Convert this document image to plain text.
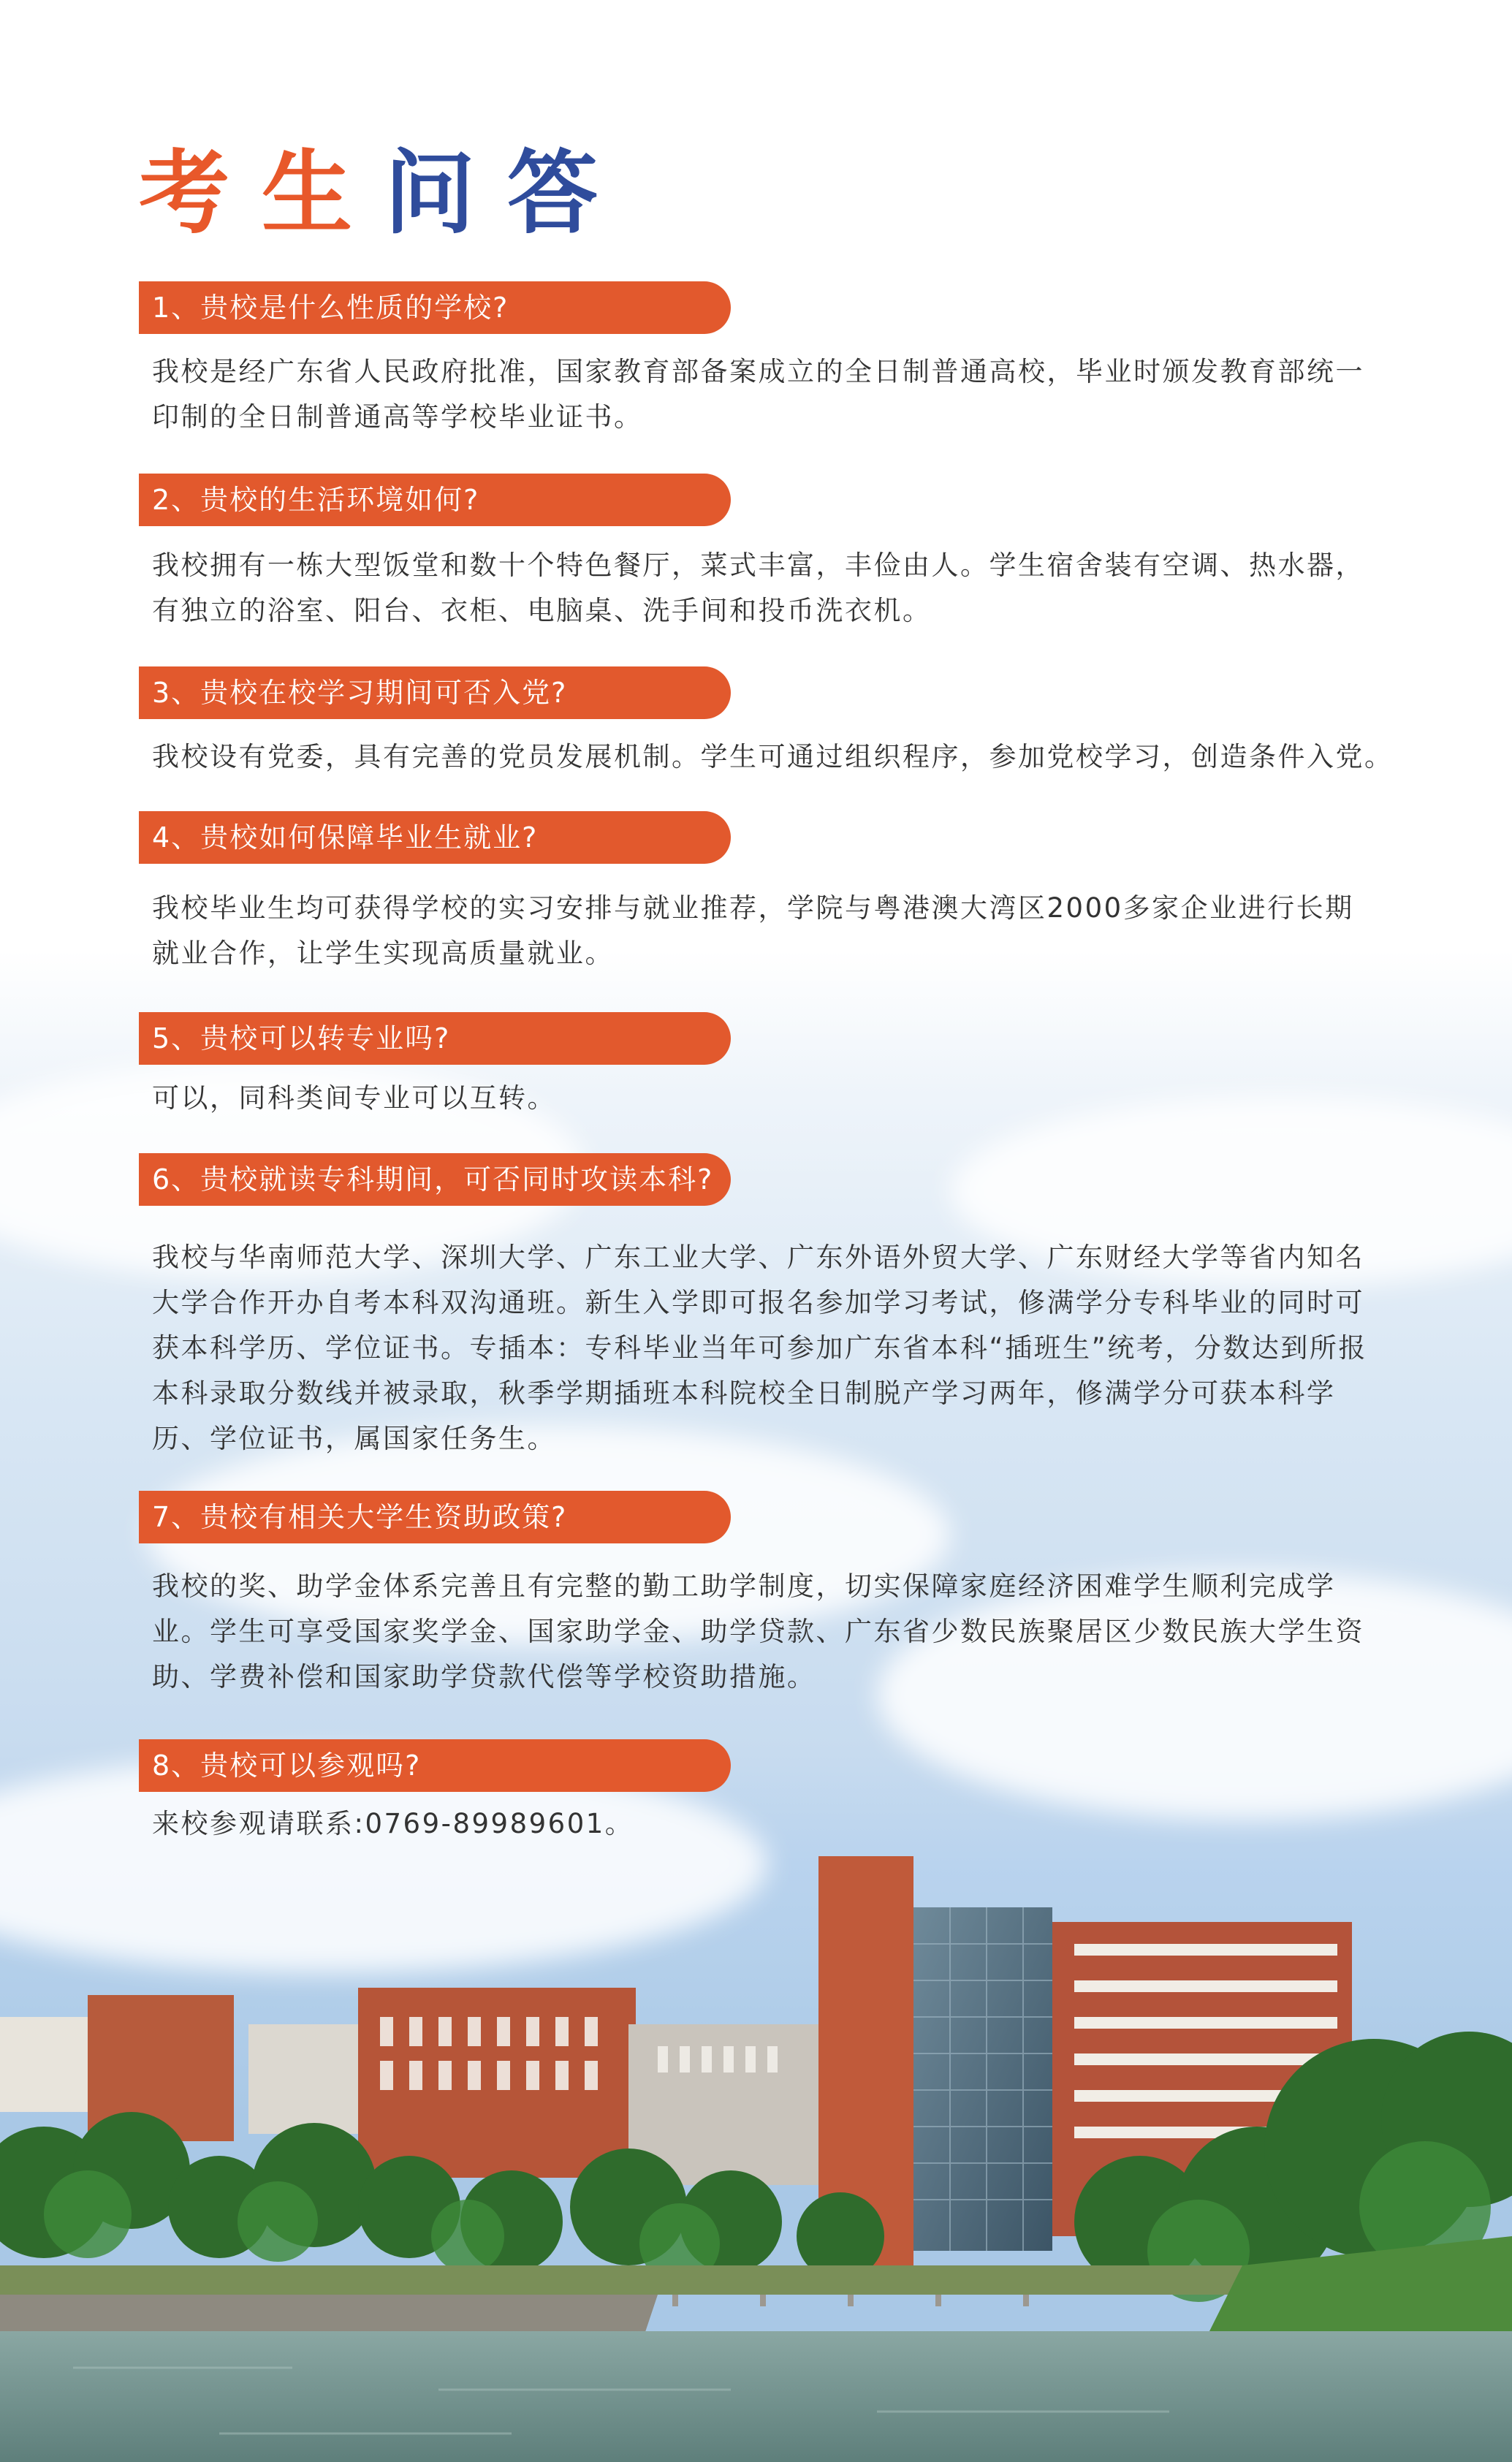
考生问答
1、贵校是什么性质的学校?
我校是经广东省人民政府批准，国家教育部备案成立的全日制普通高校，毕业时颁发教育部统一印制的全日制普通高等学校毕业证书。
2、贵校的生活环境如何?
我校拥有一栋大型饭堂和数十个特色餐厅，菜式丰富，丰俭由人。学生宿舍装有空调、热水器，有独立的浴室、阳台、衣柜、电脑桌、洗手间和投币洗衣机。
3、贵校在校学习期间可否入党?
我校设有党委，具有完善的党员发展机制。学生可通过组织程序，参加党校学习，创造条件入党。
4、贵校如何保障毕业生就业?
我校毕业生均可获得学校的实习安排与就业推荐，学院与粤港澳大湾区2000多家企业进行长期就业合作，让学生实现高质量就业。
5、贵校可以转专业吗?
可以，同科类间专业可以互转。
6、贵校就读专科期间，可否同时攻读本科?
我校与华南师范大学、深圳大学、广东工业大学、广东外语外贸大学、广东财经大学等省内知名大学合作开办自考本科双沟通班。新生入学即可报名参加学习考试，修满学分专科毕业的同时可获本科学历、学位证书。专插本：专科毕业当年可参加广东省本科“插班生”统考，分数达到所报本科录取分数线并被录取，秋季学期插班本科院校全日制脱产学习两年，修满学分可获本科学历、学位证书，属国家任务生。
7、贵校有相关大学生资助政策?
我校的奖、助学金体系完善且有完整的勤工助学制度，切实保障家庭经济困难学生顺利完成学业。学生可享受国家奖学金、国家助学金、助学贷款、广东省少数民族聚居区少数民族大学生资助、学费补偿和国家助学贷款代偿等学校资助措施。
8、贵校可以参观吗?
来校参观请联系:0769-89989601。
